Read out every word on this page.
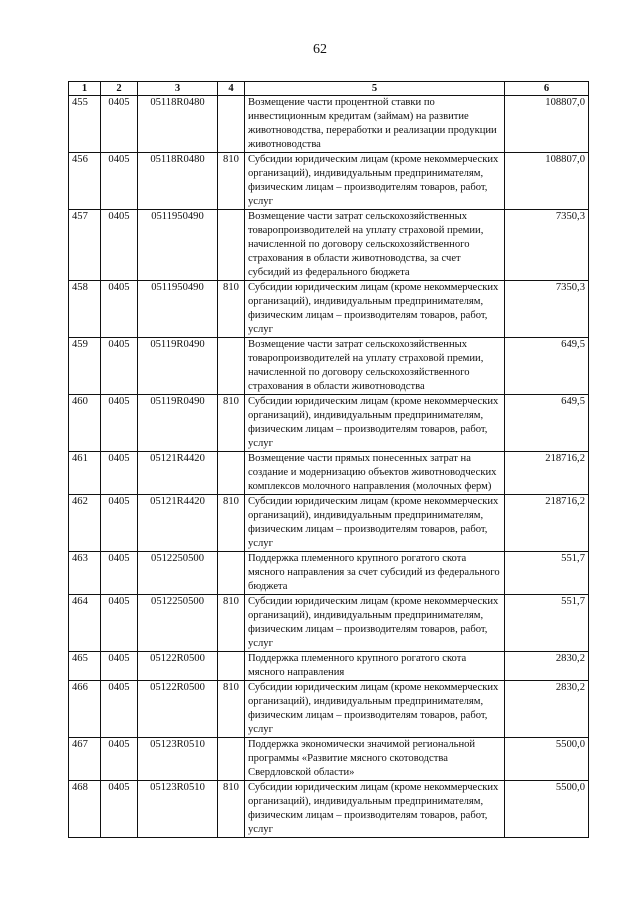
62
1	2	3	4	5	6
455	0405	05118R0480		Возмещение части процентной ставки по инвестиционным кредитам (займам) на развитие животноводства, переработки и реализации продукции животноводства	108807,0
456	0405	05118R0480	810	Субсидии юридическим лицам (кроме некоммерческих организаций), индивидуальным предпринимателям, физическим лицам – производителям товаров, работ, услуг	108807,0
457	0405	0511950490		Возмещение части затрат сельскохозяйственных товаропроизводителей на уплату страховой премии, начисленной по договору сельскохозяйственного страхования в области животноводства, за счет субсидий из федерального бюджета	7350,3
458	0405	0511950490	810	Субсидии юридическим лицам (кроме некоммерческих организаций), индивидуальным предпринимателям, физическим лицам – производителям товаров, работ, услуг	7350,3
459	0405	05119R0490		Возмещение части затрат сельскохозяйственных товаропроизводителей на уплату страховой премии, начисленной по договору сельскохозяйственного страхования в области животноводства	649,5
460	0405	05119R0490	810	Субсидии юридическим лицам (кроме некоммерческих организаций), индивидуальным предпринимателям, физическим лицам – производителям товаров, работ, услуг	649,5
461	0405	05121R4420		Возмещение части прямых понесенных затрат на создание и модернизацию объектов животноводческих комплексов молочного направления (молочных ферм)	218716,2
462	0405	05121R4420	810	Субсидии юридическим лицам (кроме некоммерческих организаций), индивидуальным предпринимателям, физическим лицам – производителям товаров, работ, услуг	218716,2
463	0405	0512250500		Поддержка племенного крупного рогатого скота мясного направления за счет субсидий из федерального бюджета	551,7
464	0405	0512250500	810	Субсидии юридическим лицам (кроме некоммерческих организаций), индивидуальным предпринимателям, физическим лицам – производителям товаров, работ, услуг	551,7
465	0405	05122R0500		Поддержка племенного крупного рогатого скота мясного направления	2830,2
466	0405	05122R0500	810	Субсидии юридическим лицам (кроме некоммерческих организаций), индивидуальным предпринимателям, физическим лицам – производителям товаров, работ, услуг	2830,2
467	0405	05123R0510		Поддержка экономически значимой региональной программы «Развитие мясного скотоводства Свердловской области»	5500,0
468	0405	05123R0510	810	Субсидии юридическим лицам (кроме некоммерческих организаций), индивидуальным предпринимателям, физическим лицам – производителям товаров, работ, услуг	5500,0
